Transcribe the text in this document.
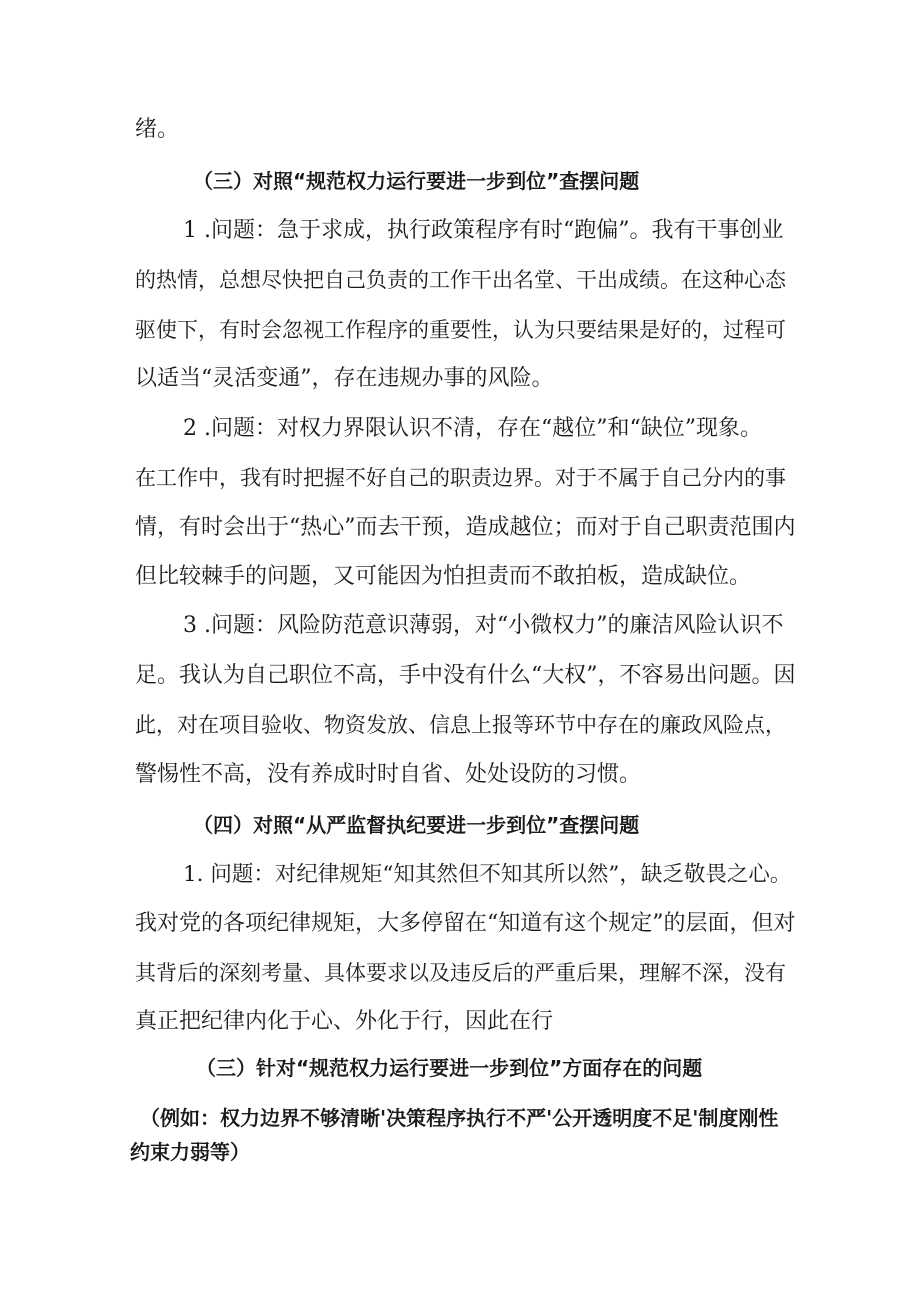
绪。
（三）对照“规范权力运行要进一步到位”查摆问题
1 .问题：急于求成，执行政策程序有时“跑偏”。我有干事创业
的热情，总想尽快把自己负责的工作干出名堂、干出成绩。在这种心态
驱使下，有时会忽视工作程序的重要性，认为只要结果是好的，过程可
以适当“灵活变通”，存在违规办事的风险。
2 .问题：对权力界限认识不清，存在“越位”和“缺位”现象。
在工作中，我有时把握不好自己的职责边界。对于不属于自己分内的事
情，有时会出于“热心”而去干预，造成越位；而对于自己职责范围内
但比较棘手的问题，又可能因为怕担责而不敢拍板，造成缺位。
3 .问题：风险防范意识薄弱，对“小微权力”的廉洁风险认识不
足。我认为自己职位不高，手中没有什么“大权”，不容易出问题。因
此，对在项目验收、物资发放、信息上报等环节中存在的廉政风险点，
警惕性不高，没有养成时时自省、处处设防的习惯。
（四）对照“从严监督执纪要进一步到位”查摆问题
1. 问题：对纪律规矩“知其然但不知其所以然”，缺乏敬畏之心。
我对党的各项纪律规矩，大多停留在“知道有这个规定”的层面，但对
其背后的深刻考量、具体要求以及违反后的严重后果，理解不深，没有
真正把纪律内化于心、外化于行，因此在行
（三）针对“规范权力运行要进一步到位”方面存在的问题
（例如：权力边界不够清晰'决策程序执行不严'公开透明度不足'制度刚性
约束力弱等）
